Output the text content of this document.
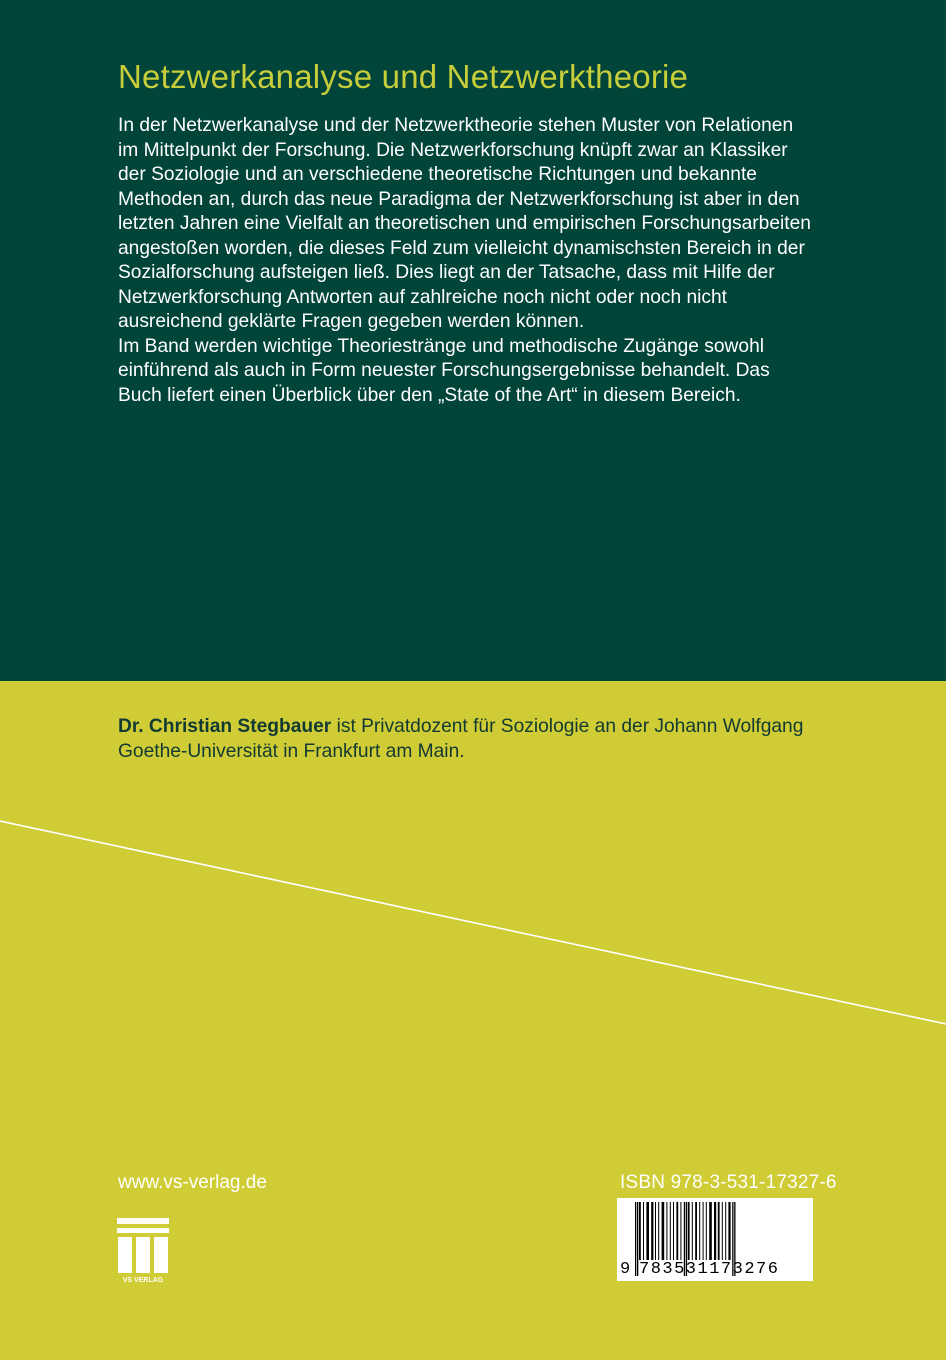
Netzwerkanalyse und Netzwerktheorie

In der Netzwerkanalyse und der Netzwerktheorie stehen Muster von Relationen im Mittelpunkt der Forschung. Die Netzwerkforschung knüpft zwar an Klassiker der Soziologie und an verschiedene theoretische Richtungen und bekannte Methoden an, durch das neue Paradigma der Netzwerkforschung ist aber in den letzten Jahren eine Vielfalt an theoretischen und empirischen Forschungsarbeiten angestoßen worden, die dieses Feld zum vielleicht dynamischsten Bereich in der Sozialforschung aufsteigen ließ. Dies liegt an der Tatsache, dass mit Hilfe der Netzwerkforschung Antworten auf zahlreiche noch nicht oder noch nicht ausreichend geklärte Fragen gegeben werden können.

Im Band werden wichtige Theoriestränge und methodische Zugänge sowohl einführend als auch in Form neuester Forschungsergebnisse behandelt. Das Buch liefert einen Überblick über den „State of the Art“ in diesem Bereich.

Dr. Christian Stegbauer ist Privatdozent für Soziologie an der Johann Wolfgang Goethe-Universität in Frankfurt am Main.

www.vs-verlag.de
VS VERLAG
ISBN 978-3-531-17327-6
9 783531173276
